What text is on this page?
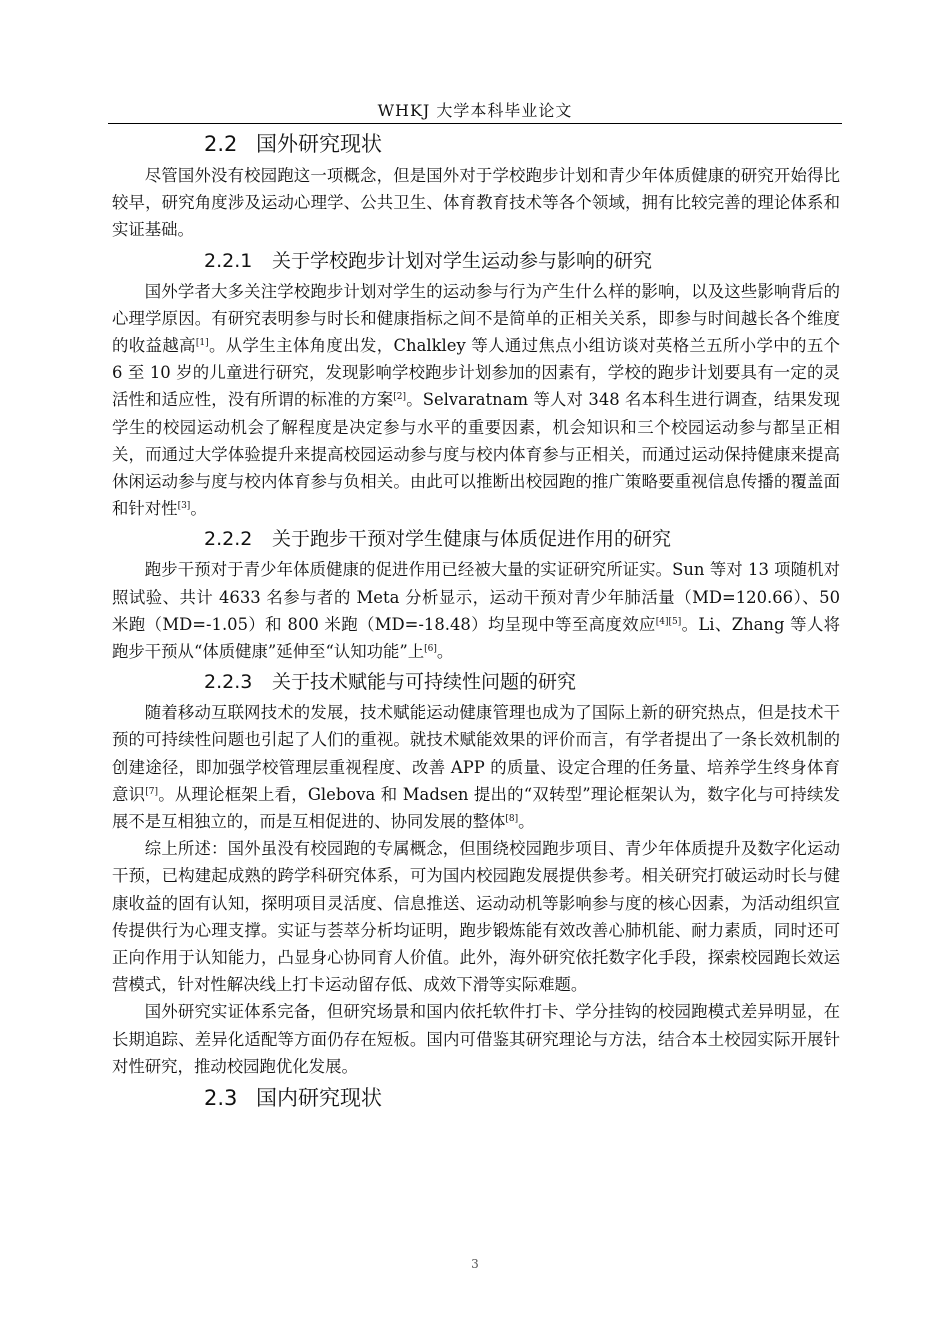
WHKJ 大学本科毕业论文
2.2 国外研究现状

尽管国外没有校园跑这一项概念，但是国外对于学校跑步计划和青少年体质健康的研究开始得比较早，研究角度涉及运动心理学、公共卫生、体育教育技术等各个领域，拥有比较完善的理论体系和实证基础。

2.2.1 关于学校跑步计划对学生运动参与影响的研究

国外学者大多关注学校跑步计划对学生的运动参与行为产生什么样的影响，以及这些影响背后的心理学原因。有研究表明参与时长和健康指标之间不是简单的正相关关系，即参与时间越长各个维度的收益越高[1]。从学生主体角度出发，Chalkley 等人通过焦点小组访谈对英格兰五所小学中的五个 6 至 10 岁的儿童进行研究，发现影响学校跑步计划参加的因素有，学校的跑步计划要具有一定的灵活性和适应性，没有所谓的标准的方案[2]。Selvaratnam 等人对 348 名本科生进行调查，结果发现学生的校园运动机会了解程度是决定参与水平的重要因素，机会知识和三个校园运动参与都呈正相关，而通过大学体验提升来提高校园运动参与度与校内体育参与正相关，而通过运动保持健康来提高休闲运动参与度与校内体育参与负相关。由此可以推断出校园跑的推广策略要重视信息传播的覆盖面和针对性[3]。

2.2.2 关于跑步干预对学生健康与体质促进作用的研究

跑步干预对于青少年体质健康的促进作用已经被大量的实证研究所证实。Sun 等对 13 项随机对照试验、共计 4633 名参与者的 Meta 分析显示，运动干预对青少年肺活量（MD=120.66）、50 米跑（MD=-1.05）和 800 米跑（MD=-18.48）均呈现中等至高度效应[4][5]。Li、Zhang 等人将跑步干预从“体质健康”延伸至“认知功能”上[6]。

2.2.3 关于技术赋能与可持续性问题的研究

随着移动互联网技术的发展，技术赋能运动健康管理也成为了国际上新的研究热点，但是技术干预的可持续性问题也引起了人们的重视。就技术赋能效果的评价而言，有学者提出了一条长效机制的创建途径，即加强学校管理层重视程度、改善 APP 的质量、设定合理的任务量、培养学生终身体育意识[7]。从理论框架上看，Glebova 和 Madsen 提出的“双转型”理论框架认为，数字化与可持续发展不是互相独立的，而是互相促进的、协同发展的整体[8]。

综上所述：国外虽没有校园跑的专属概念，但围绕校园跑步项目、青少年体质提升及数字化运动干预，已构建起成熟的跨学科研究体系，可为国内校园跑发展提供参考。相关研究打破运动时长与健康收益的固有认知，探明项目灵活度、信息推送、运动动机等影响参与度的核心因素，为活动组织宣传提供行为心理支撑。实证与荟萃分析均证明，跑步锻炼能有效改善心肺机能、耐力素质，同时还可正向作用于认知能力，凸显身心协同育人价值。此外，海外研究依托数字化手段，探索校园跑长效运营模式，针对性解决线上打卡运动留存低、成效下滑等实际难题。

国外研究实证体系完备，但研究场景和国内依托软件打卡、学分挂钩的校园跑模式差异明显，在长期追踪、差异化适配等方面仍存在短板。国内可借鉴其研究理论与方法，结合本土校园实际开展针对性研究，推动校园跑优化发展。

2.3 国内研究现状
3
